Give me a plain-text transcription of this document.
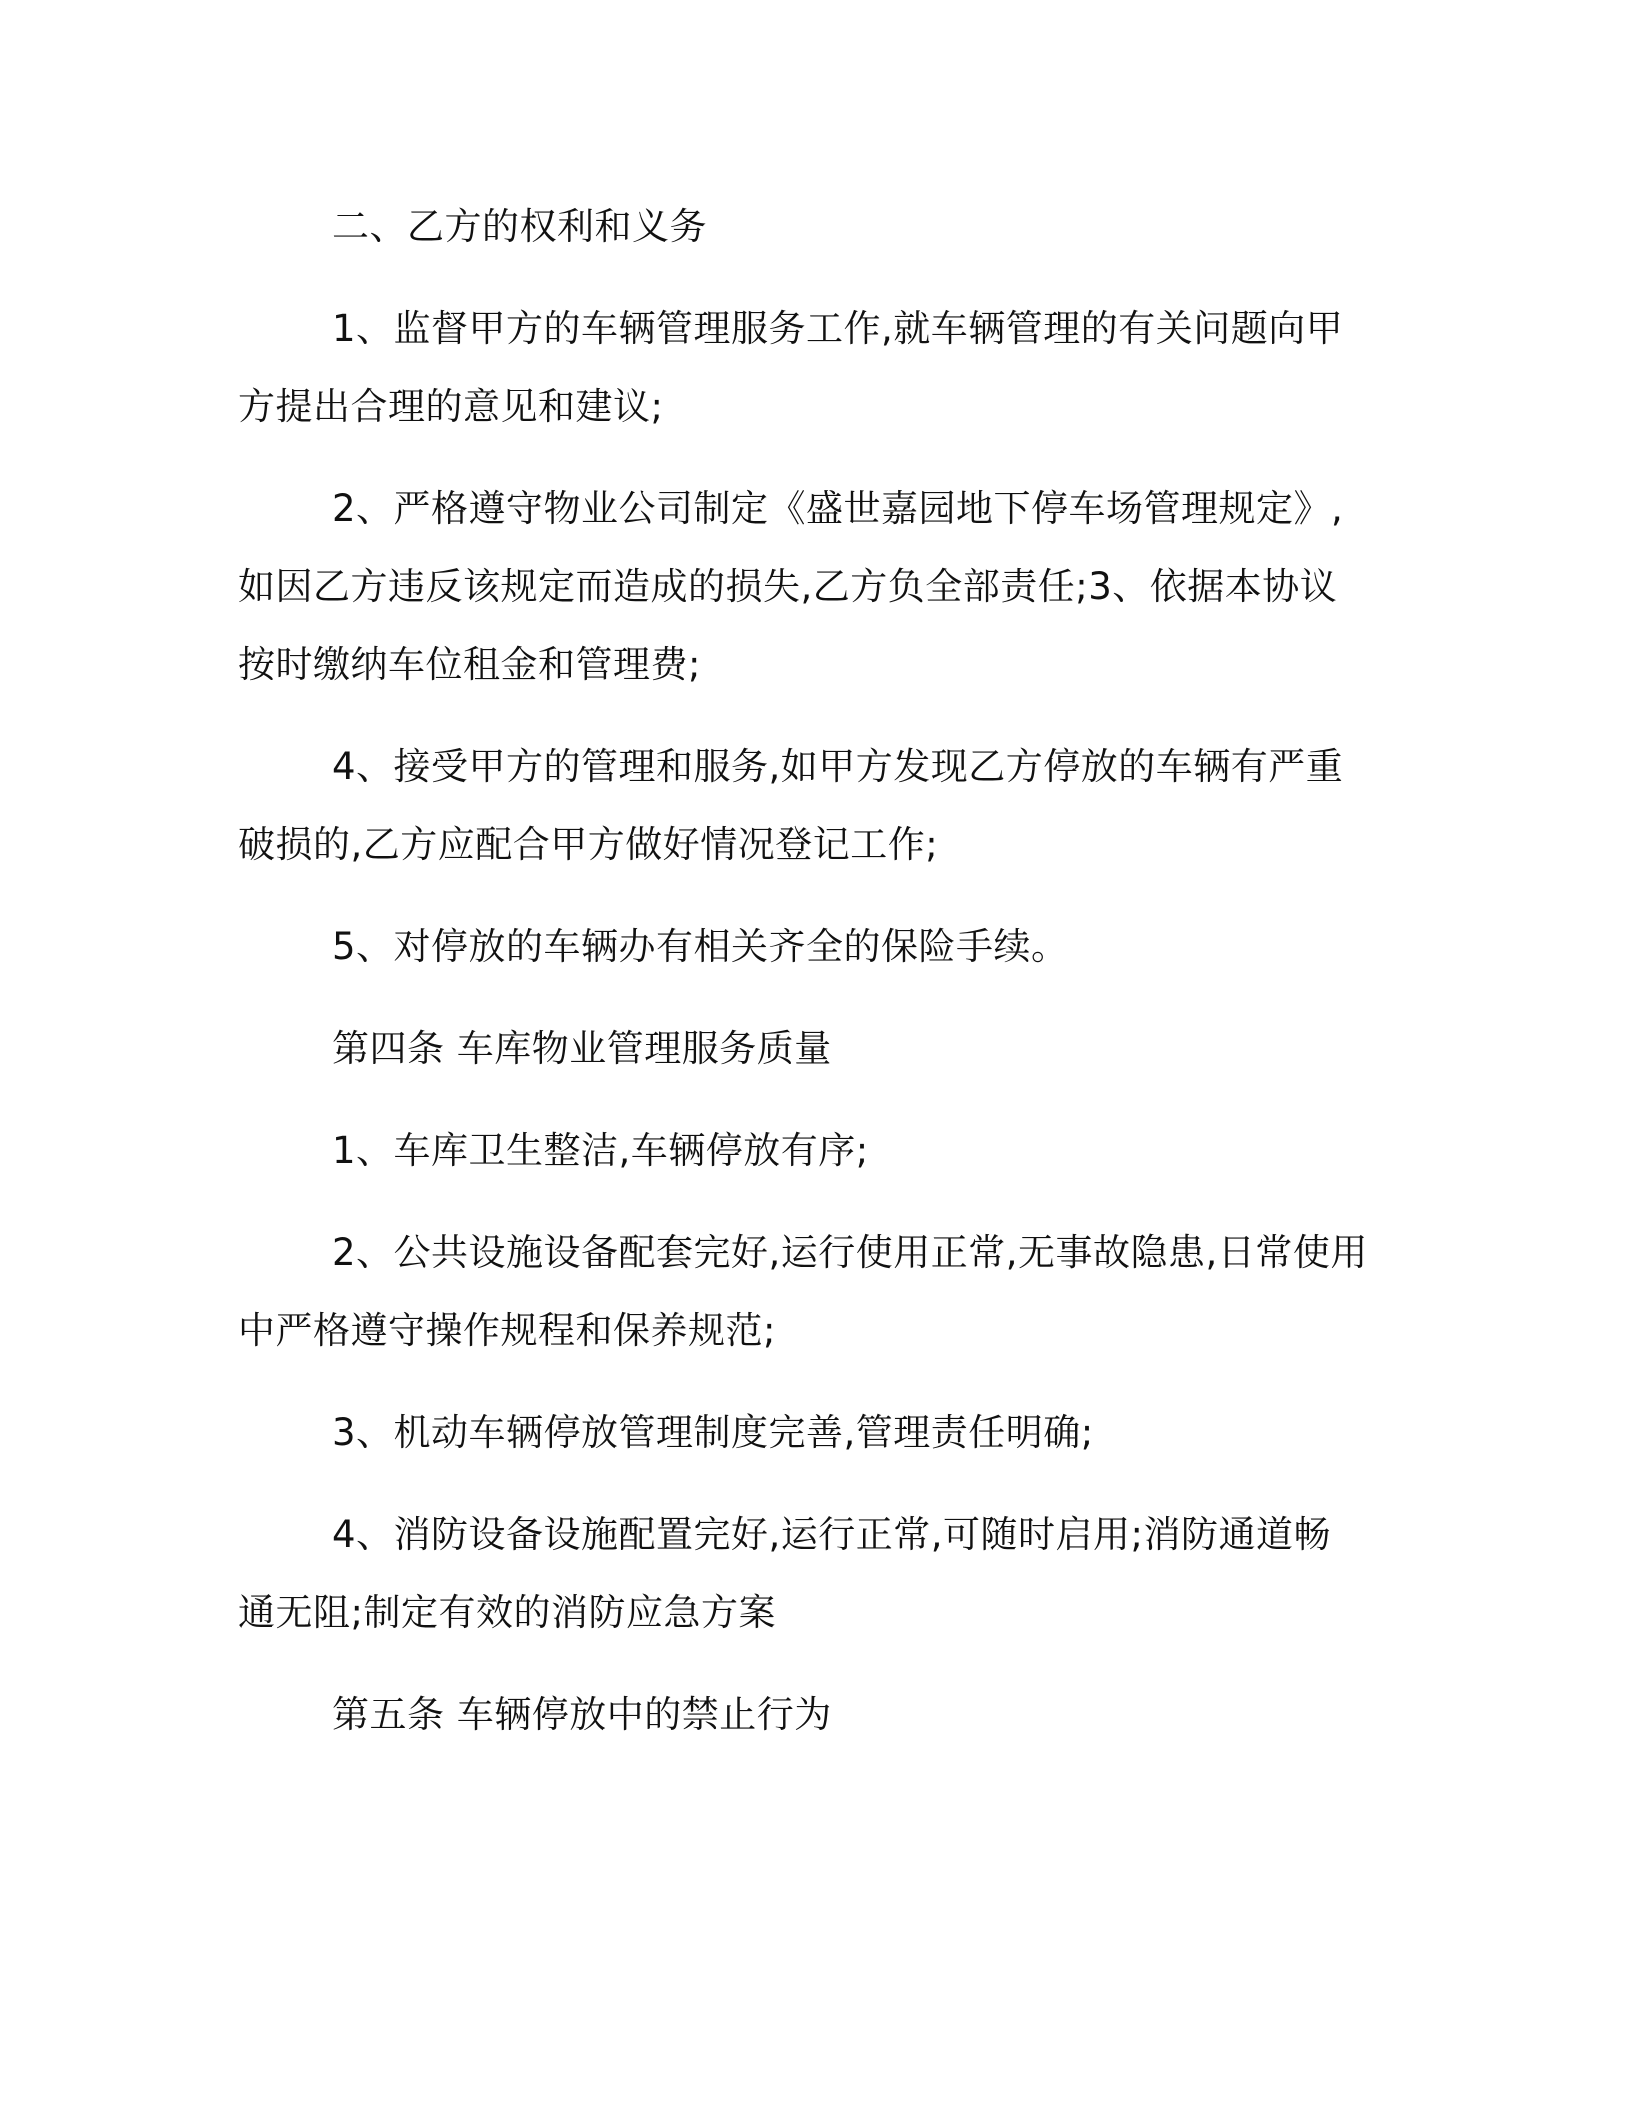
二、乙方的权利和义务

1、监督甲方的车辆管理服务工作,就车辆管理的有关问题向甲方提出合理的意见和建议;

2、严格遵守物业公司制定《盛世嘉园地下停车场管理规定》,如因乙方违反该规定而造成的损失,乙方负全部责任;3、依据本协议按时缴纳车位租金和管理费;

4、接受甲方的管理和服务,如甲方发现乙方停放的车辆有严重破损的,乙方应配合甲方做好情况登记工作;

5、对停放的车辆办有相关齐全的保险手续。

第四条 车库物业管理服务质量

1、车库卫生整洁,车辆停放有序;

2、公共设施设备配套完好,运行使用正常,无事故隐患,日常使用中严格遵守操作规程和保养规范;

3、机动车辆停放管理制度完善,管理责任明确;

4、消防设备设施配置完好,运行正常,可随时启用;消防通道畅通无阻;制定有效的消防应急方案

第五条 车辆停放中的禁止行为
